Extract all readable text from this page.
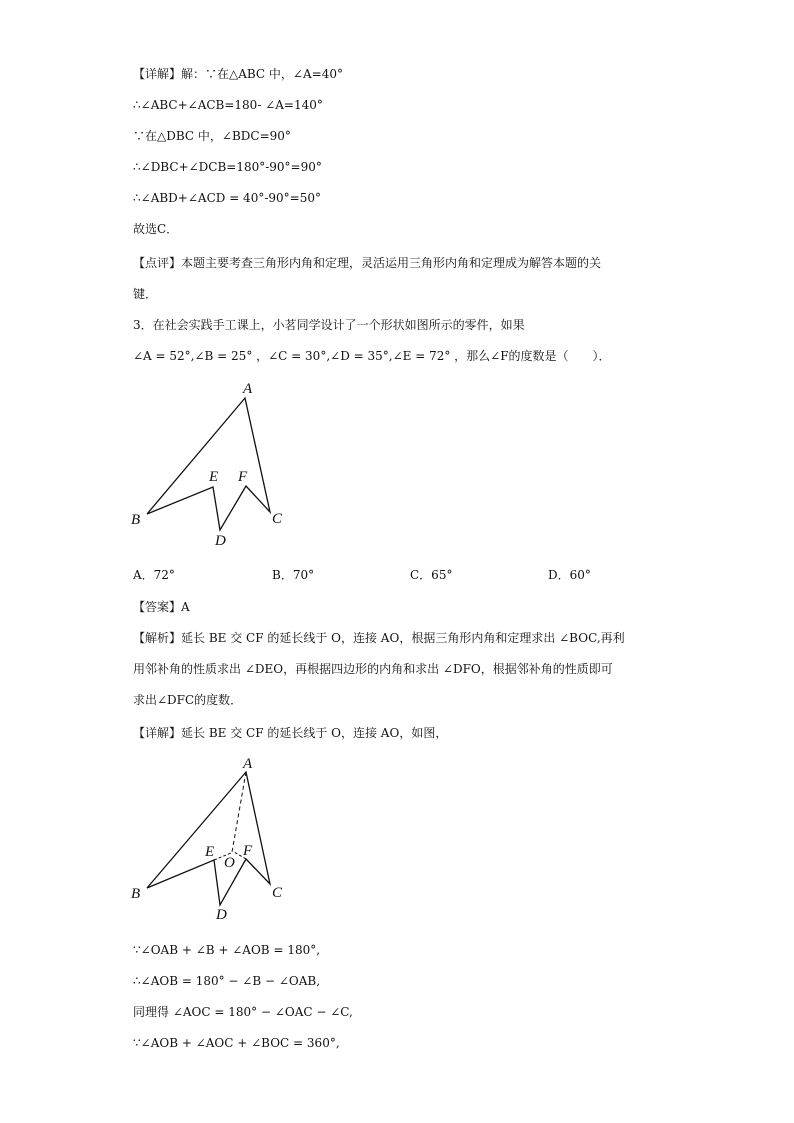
【详解】解：∵在△ABC 中，∠A=40°
∴∠ABC+∠ACB=180- ∠A=140°
∵在△DBC 中，∠BDC=90°
∴∠DBC+∠DCB=180°-90°=90°
∴∠ABD+∠ACD = 40°-90°=50°
故选C．
【点评】本题主要考查三角形内角和定理，灵活运用三角形内角和定理成为解答本题的关
键．
3．在社会实践手工课上，小茗同学设计了一个形状如图所示的零件，如果
∠A = 52°,∠B = 25° ，∠C = 30°,∠D = 35°,∠E = 72° ，那么∠F的度数是（　　）．
A
B	C
D
E F
A
B	C
D
E F
O
A．72°	B．70°	C．65°	D．60°
【答案】A
【解析】延长 BE 交 CF 的延长线于 O，连接 AO，根据三角形内角和定理求出 ∠BOC,再利
用邻补角的性质求出 ∠DEO，再根据四边形的内角和求出 ∠DFO，根据邻补角的性质即可
求出∠DFC的度数．
【详解】延长 BE 交 CF 的延长线于 O，连接 AO，如图，
∵∠OAB + ∠B + ∠AOB = 180°,
∴∠AOB = 180° − ∠B − ∠OAB,
同理得 ∠AOC = 180° − ∠OAC − ∠C,
∵∠AOB + ∠AOC + ∠BOC = 360°,
